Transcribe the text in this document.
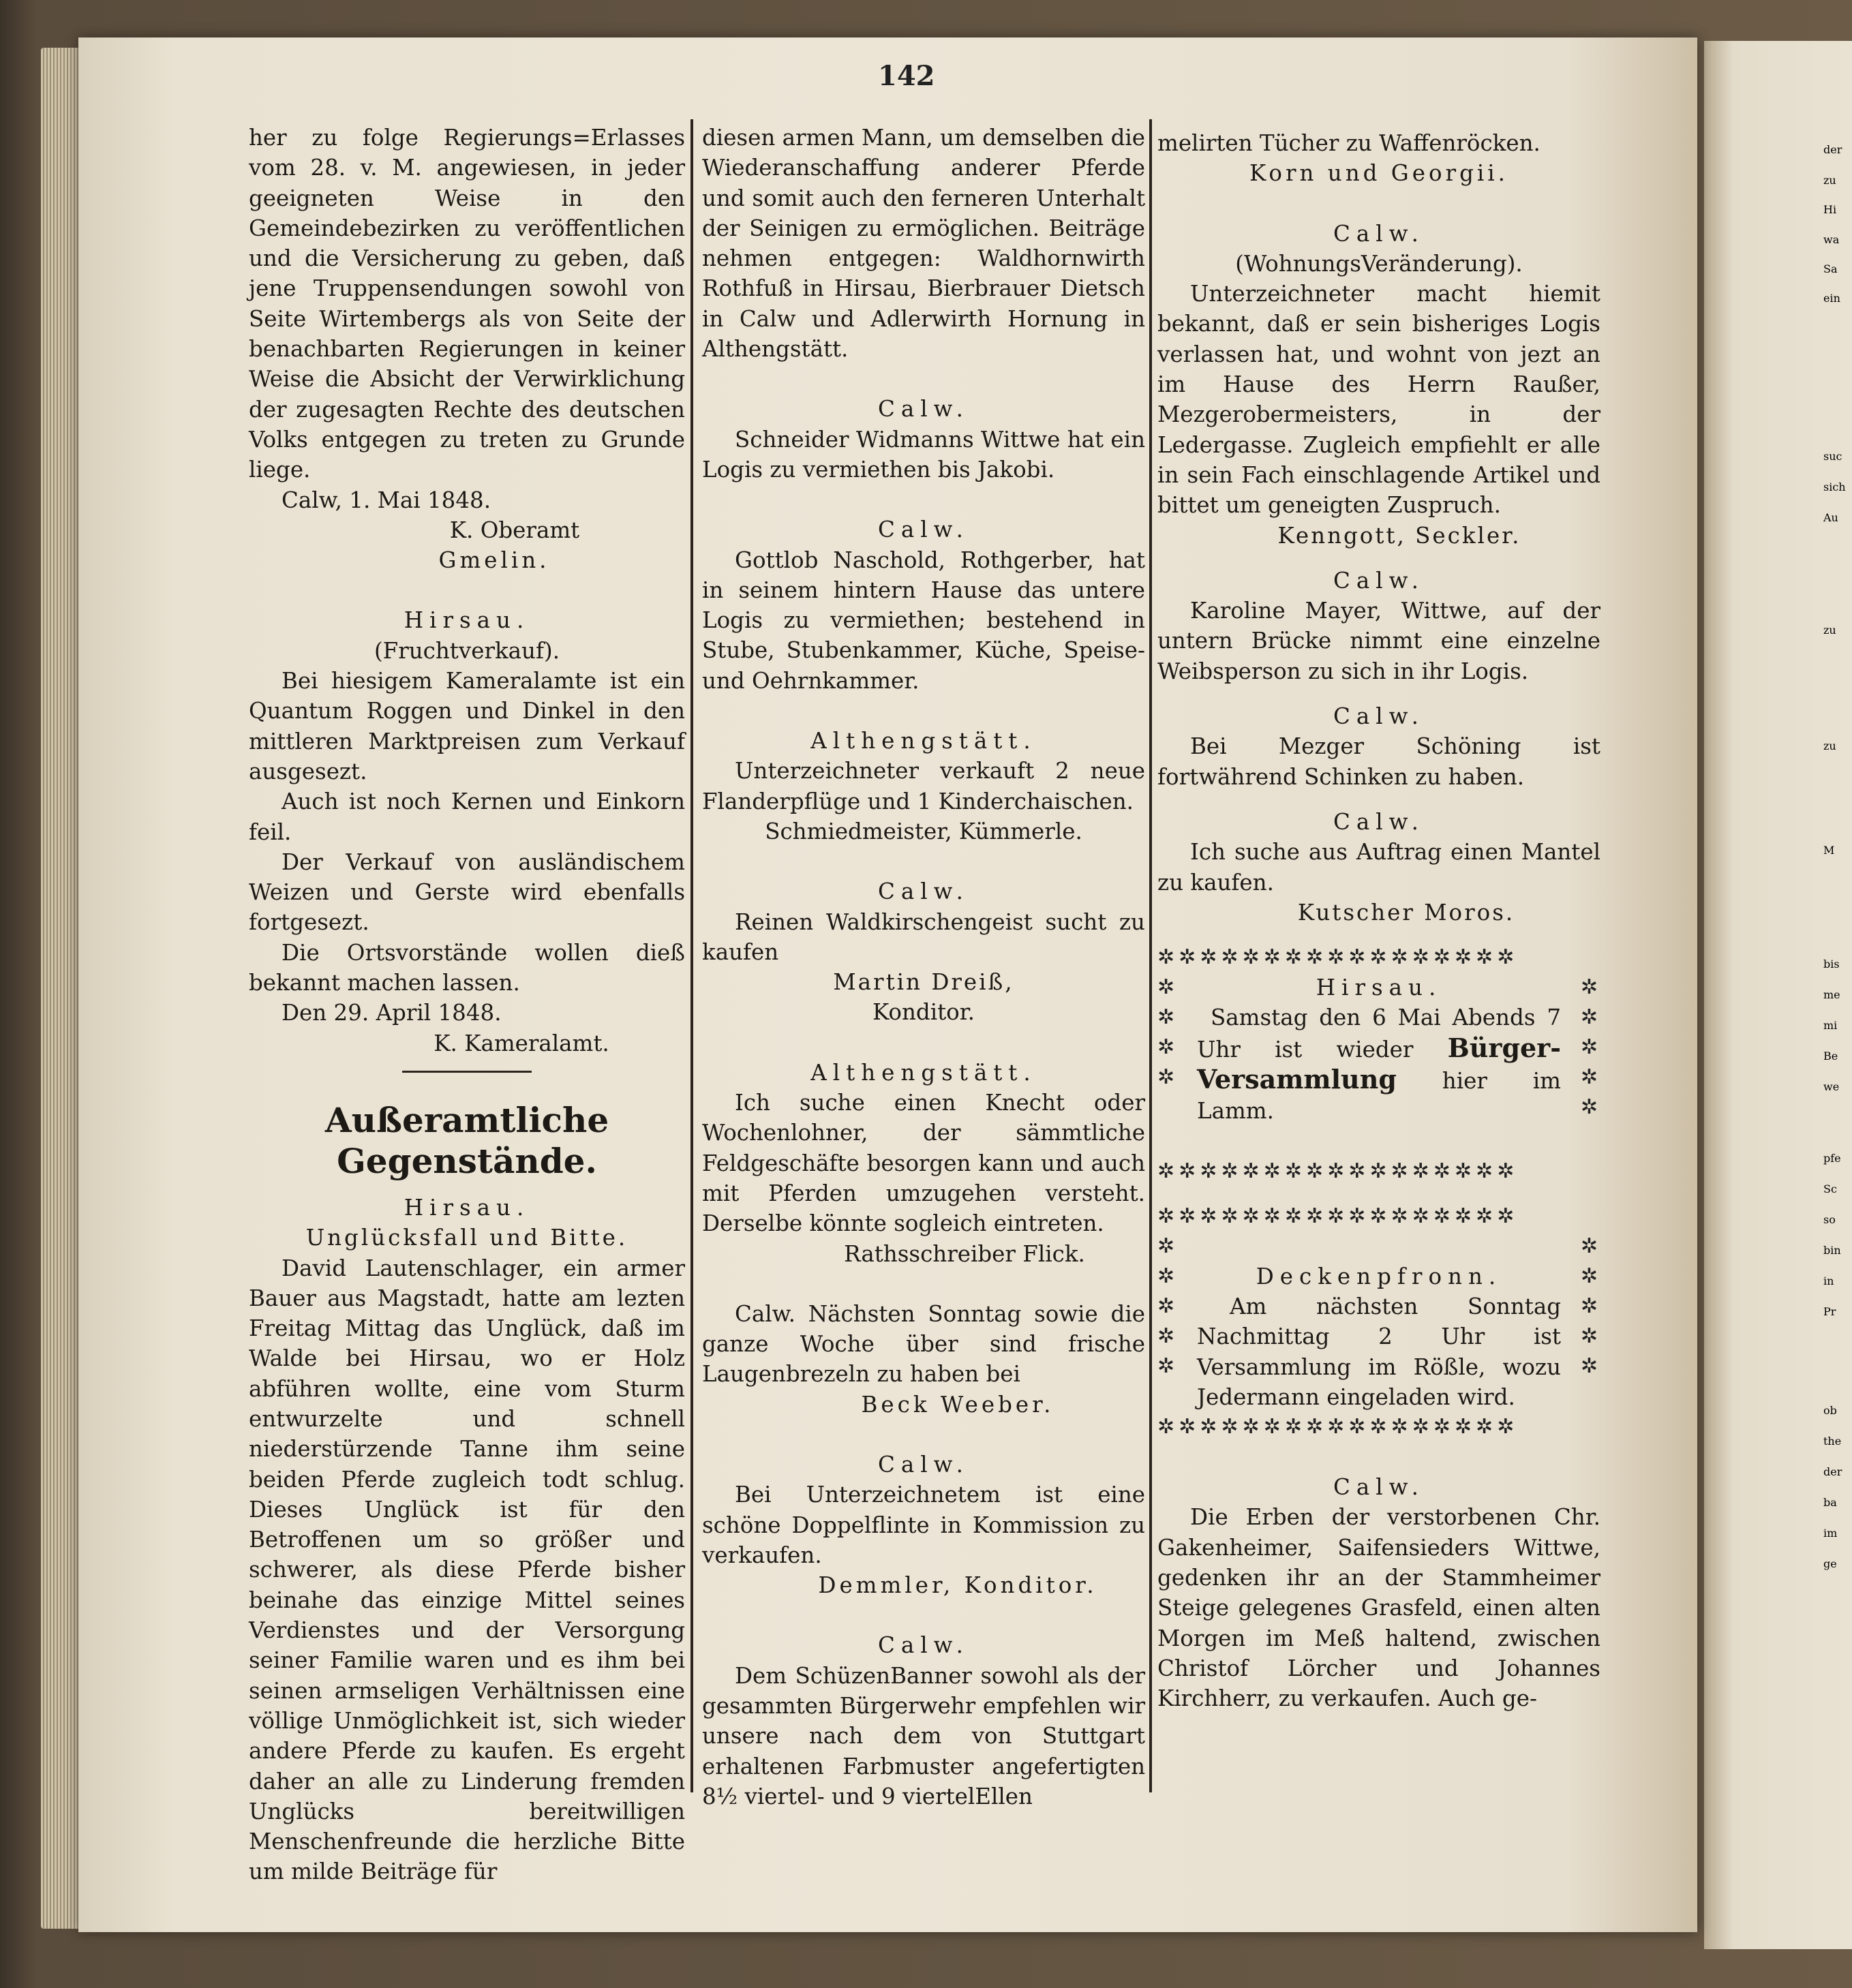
der
zu
Hi
wa
Sa
ein
suc
sich
Au
zu
zu
M
bis
me
mi
Be
we
pfe
Sc
so
bin
in
Pr
ob
the
der
ba
im
ge
142

her zu folge Regierungs=Erlasses vom 28. v. M. angewiesen, in jeder geeigneten Weise in den Gemeindebezirken zu veröffentlichen und die Versicherung zu geben, daß jene Truppensendungen sowohl von Seite Wirtembergs als von Seite der benachbarten Regierungen in keiner Weise die Absicht der Verwirklichung der zugesagten Rechte des deutschen Volks entgegen zu treten zu Grunde liege.

Calw, 1. Mai 1848.

K. Oberamt

Gmelin.

Hirsau.

(Fruchtverkauf).

Bei hiesigem Kameralamte ist ein Quantum Roggen und Dinkel in den mittleren Marktpreisen zum Verkauf ausgesezt.

Auch ist noch Kernen und Einkorn feil.

Der Verkauf von ausländischem Weizen und Gerste wird ebenfalls fortgesezt.

Die Ortsvorstände wollen dieß bekannt machen lassen.

Den 29. April 1848.

K. Kameralamt.

Außeramtliche Gegenstände.

Hirsau.

Unglücksfall und Bitte.

David Lautenschlager, ein armer Bauer aus Magstadt, hatte am lezten Freitag Mittag das Unglück, daß im Walde bei Hirsau, wo er Holz abführen wollte, eine vom Sturm entwurzelte und schnell niederstürzende Tanne ihm seine beiden Pferde zugleich todt schlug. Dieses Unglück ist für den Betroffenen um so größer und schwerer, als diese Pferde bisher beinahe das einzige Mittel seines Verdienstes und der Versorgung seiner Familie waren und es ihm bei seinen armseligen Verhältnissen eine völlige Unmöglichkeit ist, sich wieder andere Pferde zu kaufen. Es ergeht daher an alle zu Linderung fremden Unglücks bereitwilligen Menschenfreunde die herzliche Bitte um milde Beiträge für

diesen armen Mann, um demselben die Wiederanschaffung anderer Pferde und somit auch den ferneren Unterhalt der Seinigen zu ermöglichen. Beiträge nehmen entgegen: Waldhornwirth Rothfuß in Hirsau, Bierbrauer Dietsch in Calw und Adlerwirth Hornung in Althengstätt.

Calw.

Schneider Widmanns Wittwe hat ein Logis zu vermiethen bis Jakobi.

Calw.

Gottlob Naschold, Rothgerber, hat in seinem hintern Hause das untere Logis zu vermiethen; bestehend in Stube, Stubenkammer, Küche, Speise- und Oehrnkammer.

Althengstätt.

Unterzeichneter verkauft 2 neue Flanderpflüge und 1 Kinderchaischen.

Schmiedmeister, Kümmerle.

Calw.

Reinen Waldkirschengeist sucht zu kaufen

Martin Dreiß,

Konditor.

Althengstätt.

Ich suche einen Knecht oder Wochenlohner, der sämmtliche Feldgeschäfte besorgen kann und auch mit Pferden umzugehen versteht. Derselbe könnte sogleich eintreten.

Rathsschreiber Flick.

Calw. Nächsten Sonntag sowie die ganze Woche über sind frische Laugenbrezeln zu haben bei

Beck Weeber.

Calw.

Bei Unterzeichnetem ist eine schöne Doppelflinte in Kommission zu verkaufen.

Demmler, Konditor.

Calw.

Dem SchüzenBanner sowohl als der gesammten Bürgerwehr empfehlen wir unsere nach dem von Stuttgart erhaltenen Farbmuster angefertigten 8½ viertel- und 9 viertelEllen

melirten Tücher zu Waffenröcken.

Korn und Georgii.

Calw.

(WohnungsVeränderung).

Unterzeichneter macht hiemit bekannt, daß er sein bisheriges Logis verlassen hat, und wohnt von jezt an im Hause des Herrn Raußer, Mezgerobermeisters, in der Ledergasse. Zugleich empfiehlt er alle in sein Fach einschlagende Artikel und bittet um geneigten Zuspruch.

Kenngott, Seckler.

Calw.

Karoline Mayer, Wittwe, auf der untern Brücke nimmt eine einzelne Weibsperson zu sich in ihr Logis.

Calw.

Bei Mezger Schöning ist fortwährend Schinken zu haben.

Calw.

Ich suche aus Auftrag einen Mantel zu kaufen.

Kutscher Moros.

✲✲✲✲✲✲✲✲✲✲✲✲✲✲✲✲✲

Hirsau.

Samstag den 6 Mai Abends 7 Uhr ist wieder Bürger-Versammlung hier im Lamm.

✲✲✲✲✲✲✲✲✲✲✲✲✲✲✲✲✲
✲	✲
✲	✲
✲	✲
✲	✲
✲
✲✲✲✲✲✲✲✲✲✲✲✲✲✲✲✲✲

Deckenpfronn.

Am nächsten Sonntag Nachmittag 2 Uhr ist Versammlung im Rößle, wozu Jedermann eingeladen wird.

✲✲✲✲✲✲✲✲✲✲✲✲✲✲✲✲✲
✲	✲
✲	✲
✲	✲
✲	✲
✲	✲

Calw.

Die Erben der verstorbenen Chr. Gakenheimer, Saifensieders Wittwe, gedenken ihr an der Stammheimer Steige gelegenes Grasfeld, einen alten Morgen im Meß haltend, zwischen Christof Lörcher und Johannes Kirchherr, zu verkaufen. Auch ge-
